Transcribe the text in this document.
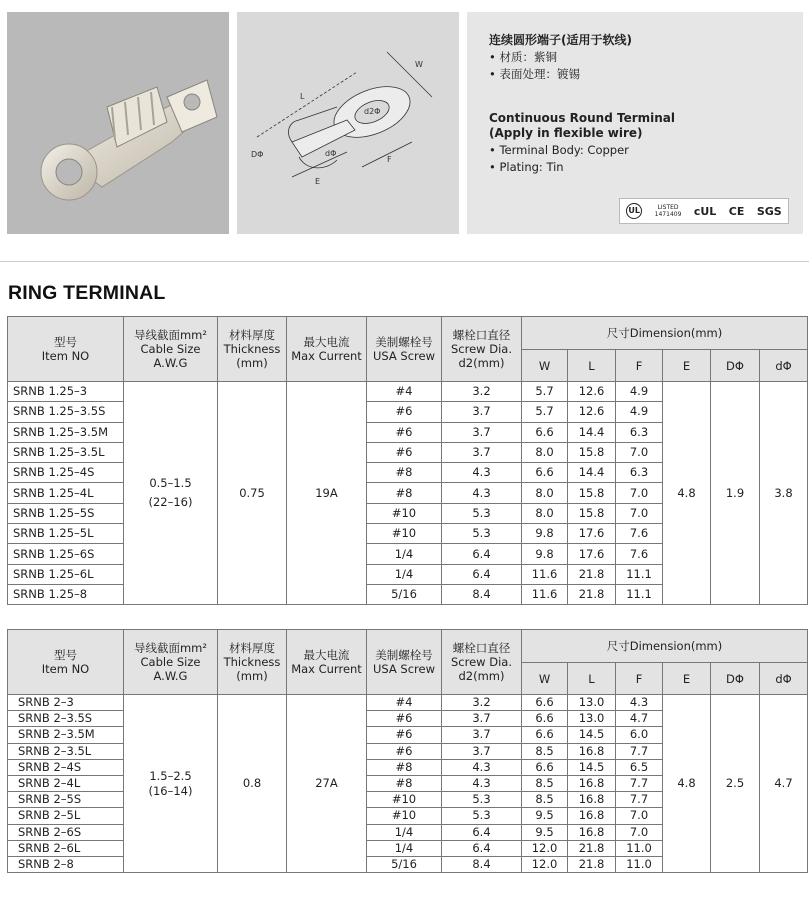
L
W
d2Φ
DΦ	dΦ
E
F
连续圆形端子(适用于软线)
• 材质：紫铜
• 表面处理：镀锡
Continuous Round Terminal
(Apply in flexible wire)
• Terminal Body: Copper
• Plating: Tin
UL	LISTED
1471409 cUL CE SGS
RING TERMINAL
型号
Item NO	导线截面mm²
Cable Size
A.W.G	材料厚度
Thickness
(mm)	最大电流
Max Current	美制螺栓号
USA Screw	螺栓口直径
Screw Dia.
d2(mm)	尺寸Dimension(mm)					
						W	L	F	E	DΦ	dΦ
SRNB 1.25–3	0.5–1.5
(22–16)	0.75	19A	#4	3.2	5.7	12.6	4.9	4.8	1.9	3.8
SRNB 1.25–3.5S				#6	3.7	5.7	12.6	4.9			
SRNB 1.25–3.5M				#6	3.7	6.6	14.4	6.3			
SRNB 1.25–3.5L				#6	3.7	8.0	15.8	7.0			
SRNB 1.25–4S				#8	4.3	6.6	14.4	6.3			
SRNB 1.25–4L				#8	4.3	8.0	15.8	7.0			
SRNB 1.25–5S				#10	5.3	8.0	15.8	7.0			
SRNB 1.25–5L				#10	5.3	9.8	17.6	7.6			
SRNB 1.25–6S				1/4	6.4	9.8	17.6	7.6			
SRNB 1.25–6L				1/4	6.4	11.6	21.8	11.1			
SRNB 1.25–8				5/16	8.4	11.6	21.8	11.1			
型号
Item NO	导线截面mm²
Cable Size
A.W.G	材料厚度
Thickness
(mm)	最大电流
Max Current	美制螺栓号
USA Screw	螺栓口直径
Screw Dia.
d2(mm)	尺寸Dimension(mm)					
						W	L	F	E	DΦ	dΦ
SRNB 2–3	1.5–2.5
(16–14)	0.8	27A	#4	3.2	6.6	13.0	4.3	4.8	2.5	4.7
SRNB 2–3.5S				#6	3.7	6.6	13.0	4.7			
SRNB 2–3.5M				#6	3.7	6.6	14.5	6.0			
SRNB 2–3.5L				#6	3.7	8.5	16.8	7.7			
SRNB 2–4S				#8	4.3	6.6	14.5	6.5			
SRNB 2–4L				#8	4.3	8.5	16.8	7.7			
SRNB 2–5S				#10	5.3	8.5	16.8	7.7			
SRNB 2–5L				#10	5.3	9.5	16.8	7.0			
SRNB 2–6S				1/4	6.4	9.5	16.8	7.0			
SRNB 2–6L				1/4	6.4	12.0	21.8	11.0			
SRNB 2–8				5/16	8.4	12.0	21.8	11.0			
